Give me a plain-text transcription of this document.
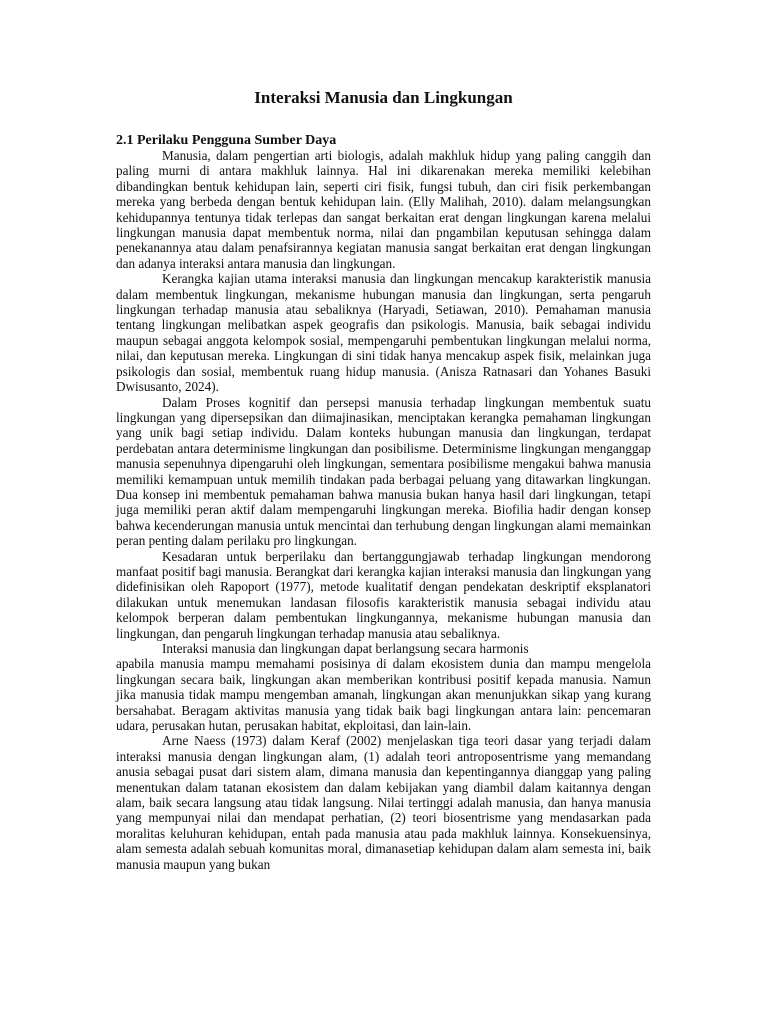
Interaksi Manusia dan Lingkungan
2.1 Perilaku Pengguna Sumber Daya

Manusia, dalam pengertian arti biologis, adalah makhluk hidup yang paling canggih dan paling murni di antara makhluk lainnya. Hal ini dikarenakan mereka memiliki kelebihan dibandingkan bentuk kehidupan lain, seperti ciri fisik, fungsi tubuh, dan ciri fisik perkembangan mereka yang berbeda dengan bentuk kehidupan lain. (Elly Malihah, 2010). dalam melangsungkan kehidupannya tentunya tidak terlepas dan sangat berkaitan erat dengan lingkungan karena melalui lingkungan manusia dapat membentuk norma, nilai dan pngambilan keputusan sehingga dalam penekanannya atau dalam penafsirannya kegiatan manusia sangat berkaitan erat dengan lingkungan dan adanya interaksi antara manusia dan lingkungan.

Kerangka kajian utama interaksi manusia dan lingkungan mencakup karakteristik manusia dalam membentuk lingkungan, mekanisme hubungan manusia dan lingkungan, serta pengaruh lingkungan terhadap manusia atau sebaliknya (Haryadi, Setiawan, 2010). Pemahaman manusia tentang lingkungan melibatkan aspek geografis dan psikologis. Manusia, baik sebagai individu maupun sebagai anggota kelompok sosial, mempengaruhi pembentukan lingkungan melalui norma, nilai, dan keputusan mereka. Lingkungan di sini tidak hanya mencakup aspek fisik, melainkan juga psikologis dan sosial, membentuk ruang hidup manusia. (Anisza Ratnasari dan Yohanes Basuki Dwisusanto, 2024).

Dalam Proses kognitif dan persepsi manusia terhadap lingkungan membentuk suatu lingkungan yang dipersepsikan dan diimajinasikan, menciptakan kerangka pemahaman lingkungan yang unik bagi setiap individu. Dalam konteks hubungan manusia dan lingkungan, terdapat perdebatan antara determinisme lingkungan dan posibilisme. Determinisme lingkungan menganggap manusia sepenuhnya dipengaruhi oleh lingkungan, sementara posibilisme mengakui bahwa manusia memiliki kemampuan untuk memilih tindakan pada berbagai peluang yang ditawarkan lingkungan. Dua konsep ini membentuk pemahaman bahwa manusia bukan hanya hasil dari lingkungan, tetapi juga memiliki peran aktif dalam mempengaruhi lingkungan mereka. Biofilia hadir dengan konsep bahwa kecenderungan manusia untuk mencintai dan terhubung dengan lingkungan alami memainkan peran penting dalam perilaku pro lingkungan.

Kesadaran untuk berperilaku dan bertanggungjawab terhadap lingkungan mendorong manfaat positif bagi manusia. Berangkat dari kerangka kajian interaksi manusia dan lingkungan yang didefinisikan oleh Rapoport (1977), metode kualitatif dengan pendekatan deskriptif eksplanatori dilakukan untuk menemukan landasan filosofis karakteristik manusia sebagai individu atau kelompok berperan dalam pembentukan lingkungannya, mekanisme hubungan manusia dan lingkungan, dan pengaruh lingkungan terhadap manusia atau sebaliknya.

Interaksi manusia dan lingkungan dapat berlangsung secara harmonis

apabila manusia mampu memahami posisinya di dalam ekosistem dunia dan mampu mengelola lingkungan secara baik, lingkungan akan memberikan kontribusi positif kepada manusia. Namun jika manusia tidak mampu mengemban amanah, lingkungan akan menunjukkan sikap yang kurang bersahabat. Beragam aktivitas manusia yang tidak baik bagi lingkungan antara lain: pencemaran udara, perusakan hutan, perusakan habitat, ekploitasi, dan lain-lain.

Arne Naess (1973) dalam Keraf (2002) menjelaskan tiga teori dasar yang terjadi dalam interaksi manusia dengan lingkungan alam, (1) adalah teori antroposentrisme yang memandang anusia sebagai pusat dari sistem alam, dimana manusia dan kepentingannya dianggap yang paling menentukan dalam tatanan ekosistem dan dalam kebijakan yang diambil dalam kaitannya dengan alam, baik secara langsung atau tidak langsung. Nilai tertinggi adalah manusia, dan hanya manusia yang mempunyai nilai dan mendapat perhatian, (2) teori biosentrisme yang mendasarkan pada moralitas keluhuran kehidupan, entah pada manusia atau pada makhluk lainnya. Konsekuensinya, alam semesta adalah sebuah komunitas moral, dimanasetiap kehidupan dalam alam semesta ini, baik manusia maupun yang bukan
